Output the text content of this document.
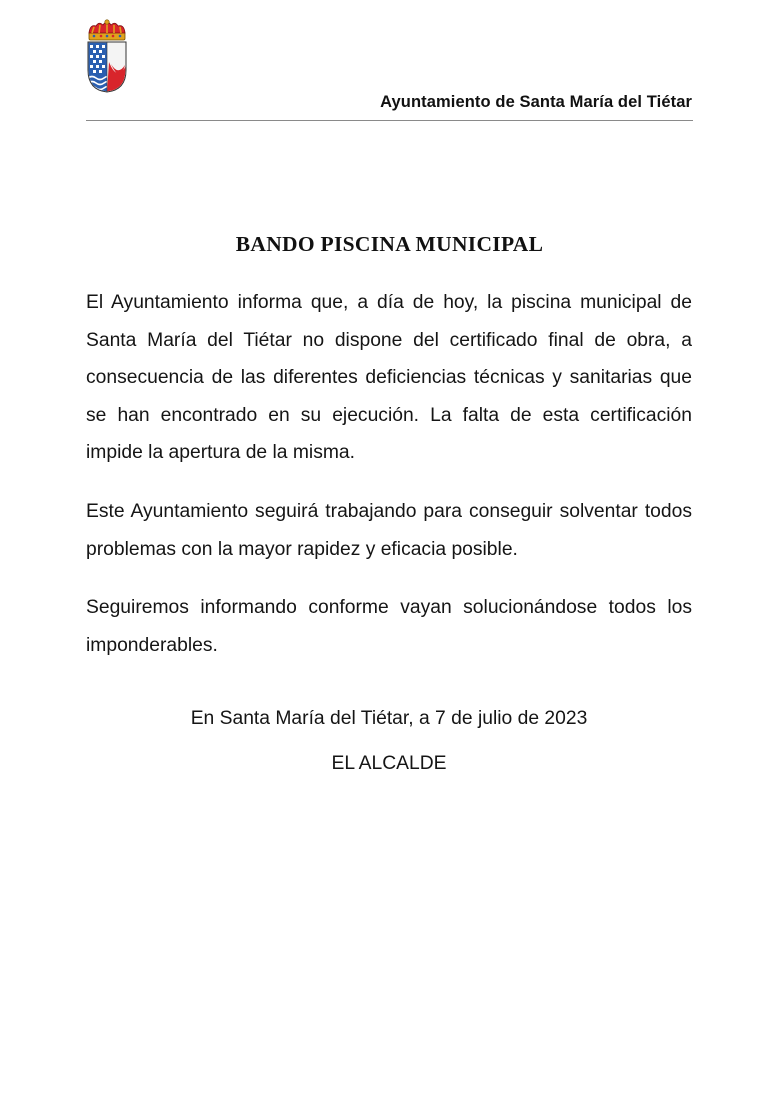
Ayuntamiento de Santa María del Tiétar
BANDO PISCINA MUNICIPAL

El Ayuntamiento informa que, a día de hoy, la piscina municipal de Santa María del Tiétar no dispone del certificado final de obra, a consecuencia de las diferentes deficiencias técnicas y sanitarias que se han encontrado en su ejecución. La falta de esta certificación impide la apertura de la misma.

Este Ayuntamiento seguirá trabajando para conseguir solventar todos problemas con la mayor rapidez y eficacia posible.

Seguiremos informando conforme vayan solucionándose todos los imponderables.

En Santa María del Tiétar, a 7 de julio de 2023
EL ALCALDE
